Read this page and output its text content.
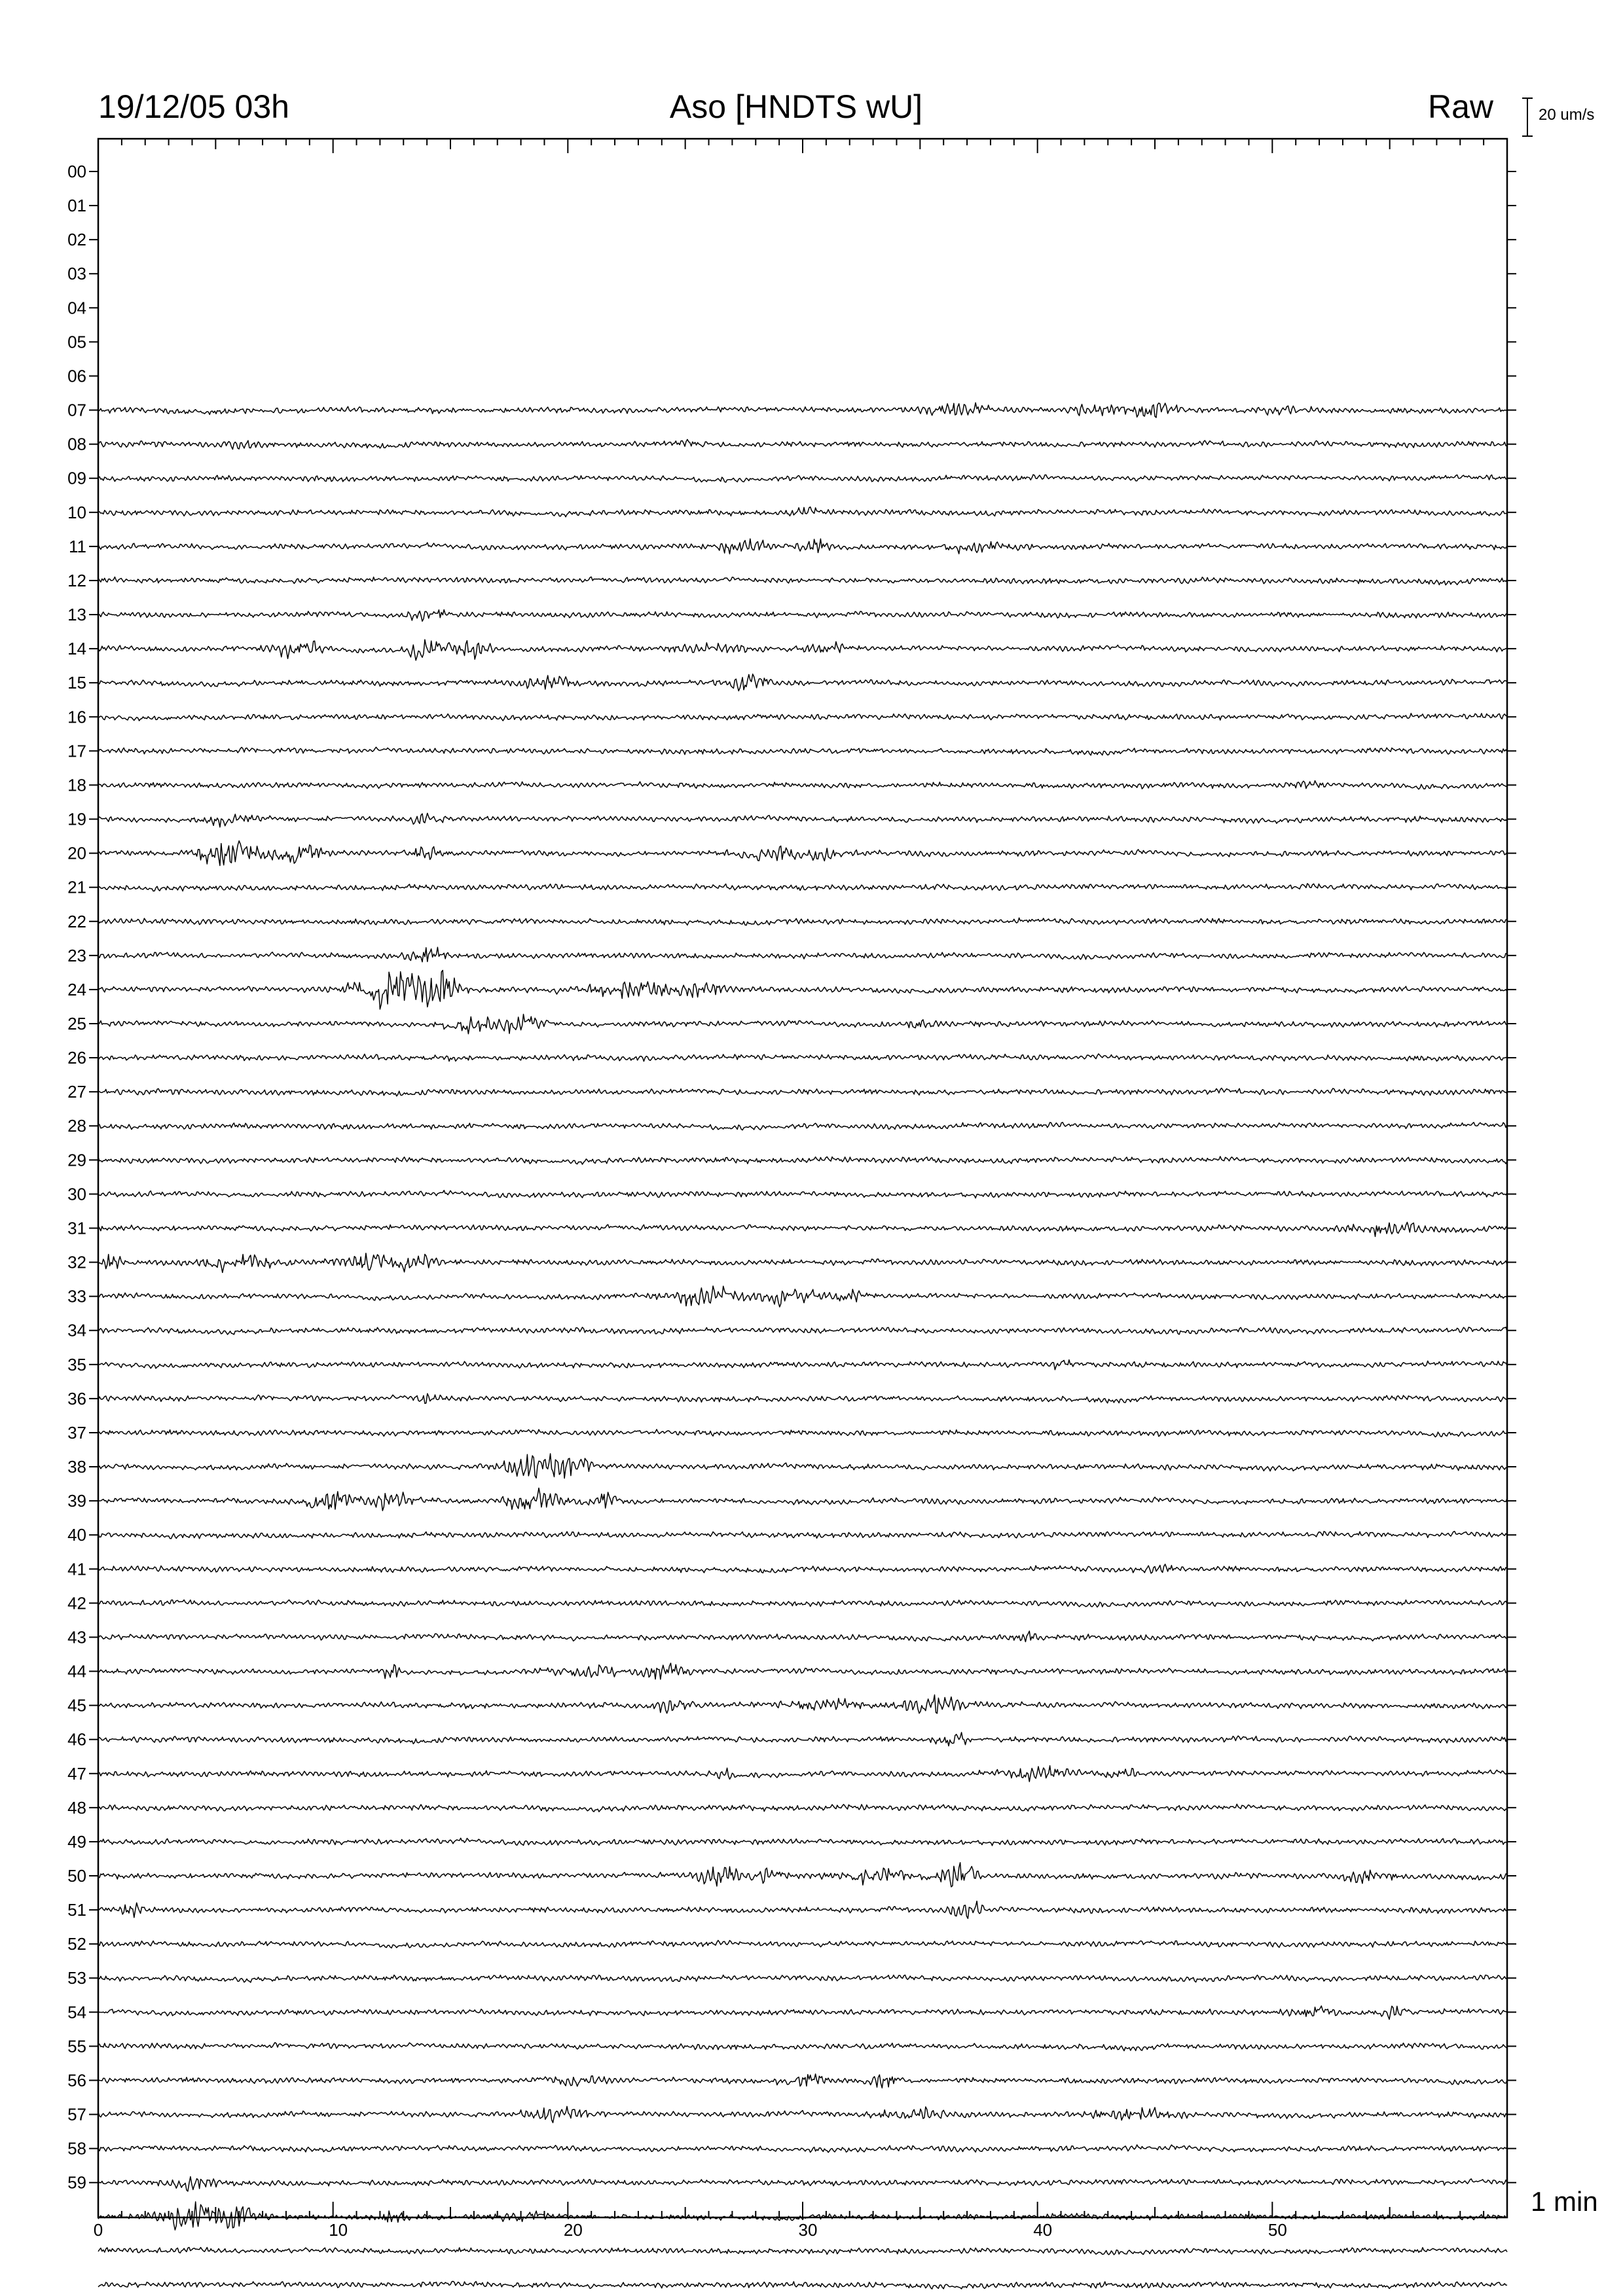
19/12/05 03h	Aso [HNDTS wU]	Raw	20 um/s
1 min
00
01
02
03
04
05
06
07
08
09
10
11
12
13
14
15
16
17
18
19
20
21
22
23
24
25
26
27
28
29
30
31
32
33
34
35
36
37
38
39
40
41
42
43
44
45
46
47
48
49
50
51
52
53
54
55
56
57
58
59
0	10	20	30	40	50
